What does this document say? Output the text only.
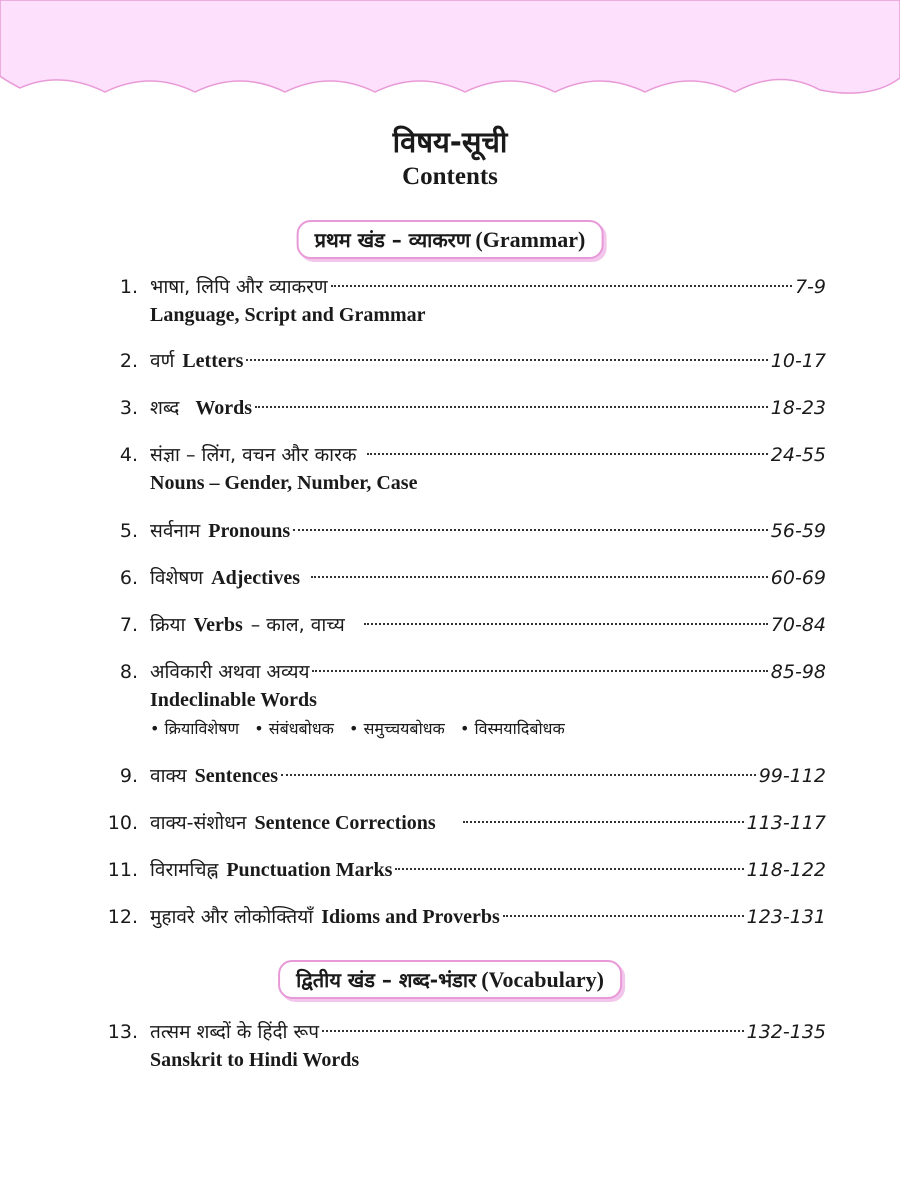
विषय-सूची
Contents
प्रथम खंड – व्याकरण (Grammar)
1. भाषा, लिपि और व्याकरण	7-9
Language, Script and Grammar
2. वर्ण Letters	10-17
3. शब्द Words	18-23
4. संज्ञा – लिंग, वचन और कारक	24-55
Nouns – Gender, Number, Case
5. सर्वनाम Pronouns	56-59
6. विशेषण Adjectives	60-69
7. क्रिया Verbs – काल, वाच्य	70-84
8. अविकारी अथवा अव्यय	85-98
Indeclinable Words
• क्रियाविशेषण • संबंधबोधक • समुच्चयबोधक • विस्मयादिबोधक
9. वाक्य Sentences	99-112
10. वाक्य-संशोधन Sentence Corrections	113-117
11. विरामचिह्न Punctuation Marks	118-122
12. मुहावरे और लोकोक्तियाँ Idioms and Proverbs	123-131
द्वितीय खंड – शब्द-भंडार (Vocabulary)
13. तत्सम शब्दों के हिंदी रूप	132-135
Sanskrit to Hindi Words
